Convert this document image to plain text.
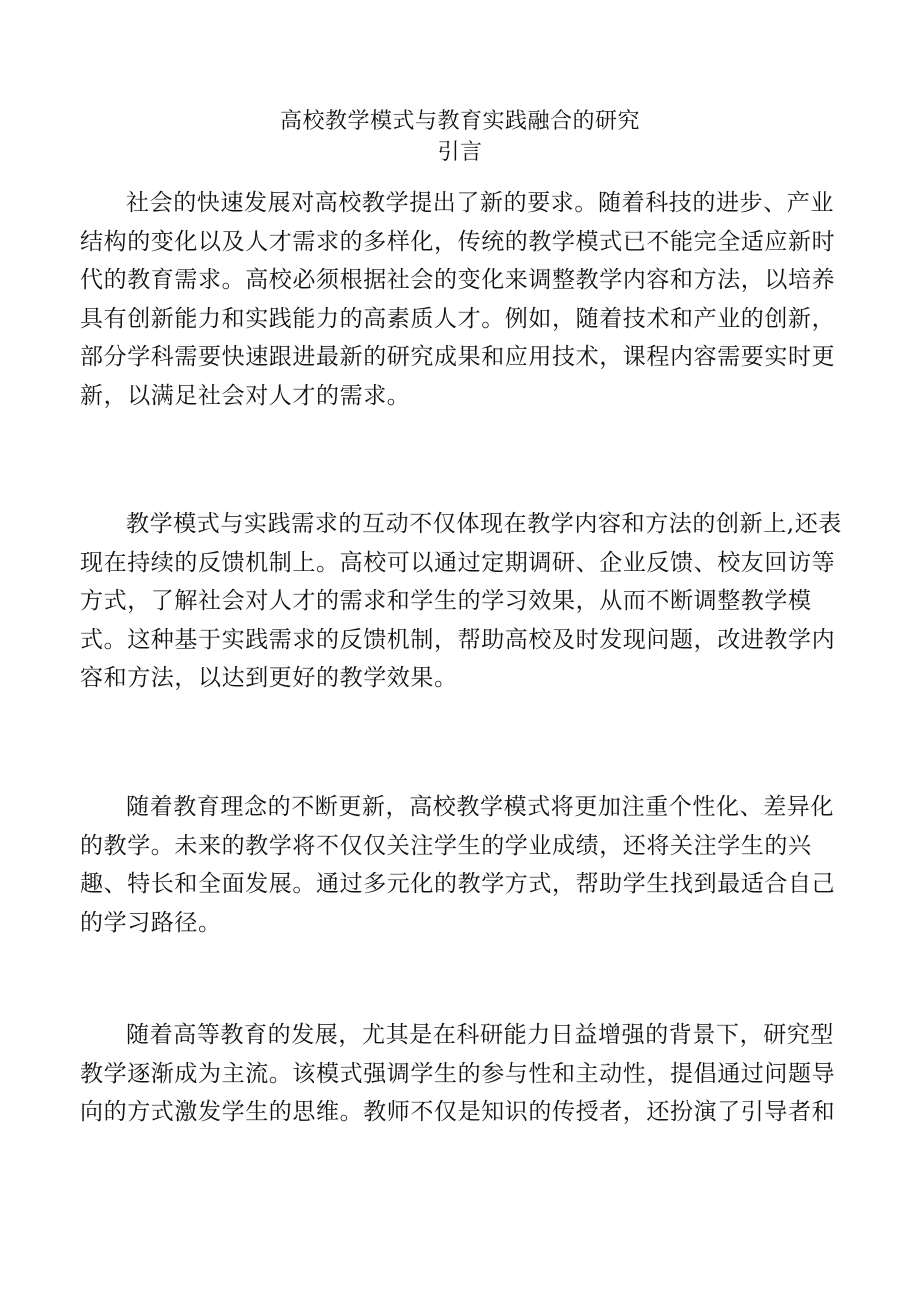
高校教学模式与教育实践融合的研究
引言
社会的快速发展对高校教学提出了新的要求。随着科技的进步、产业
结构的变化以及人才需求的多样化，传统的教学模式已不能完全适应新时
代的教育需求。高校必须根据社会的变化来调整教学内容和方法，以培养
具有创新能力和实践能力的高素质人才。例如，随着技术和产业的创新，
部分学科需要快速跟进最新的研究成果和应用技术，课程内容需要实时更
新，以满足社会对人才的需求。
教学模式与实践需求的互动不仅体现在教学内容和方法的创新上,还表
现在持续的反馈机制上。高校可以通过定期调研、企业反馈、校友回访等
方式，了解社会对人才的需求和学生的学习效果，从而不断调整教学模
式。这种基于实践需求的反馈机制，帮助高校及时发现问题，改进教学内
容和方法，以达到更好的教学效果。
随着教育理念的不断更新，高校教学模式将更加注重个性化、差异化
的教学。未来的教学将不仅仅关注学生的学业成绩，还将关注学生的兴
趣、特长和全面发展。通过多元化的教学方式，帮助学生找到最适合自己
的学习路径。
随着高等教育的发展，尤其是在科研能力日益增强的背景下，研究型
教学逐渐成为主流。该模式强调学生的参与性和主动性，提倡通过问题导
向的方式激发学生的思维。教师不仅是知识的传授者，还扮演了引导者和
